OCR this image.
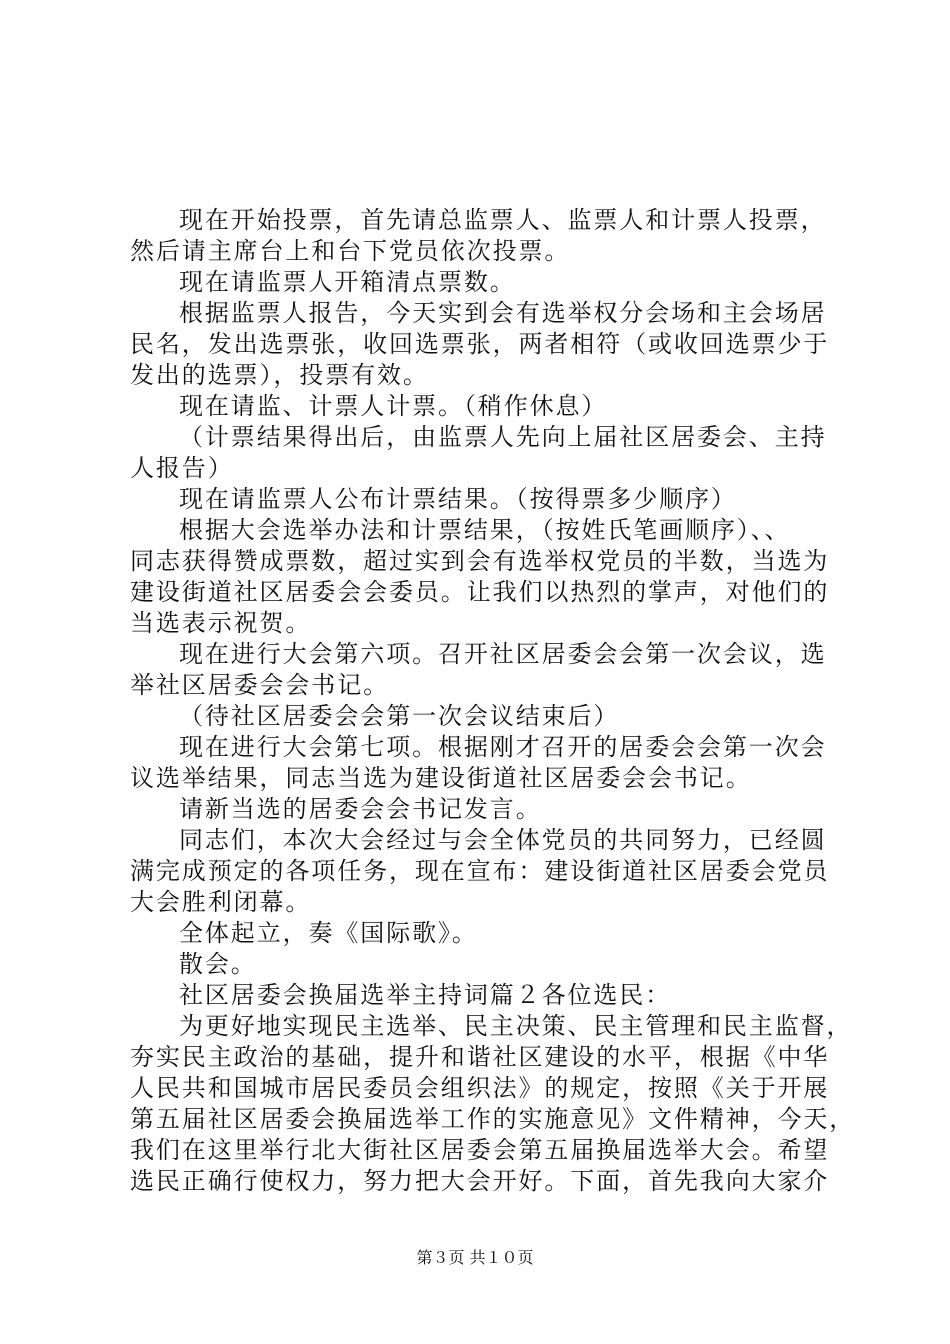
现在开始投票，首先请总监票人、监票人和计票人投票，
然后请主席台上和台下党员依次投票。

现在请监票人开箱清点票数。

根据监票人报告，今天实到会有选举权分会场和主会场居
民名，发出选票张，收回选票张，两者相符（或收回选票少于
发出的选票），投票有效。

现在请监、计票人计票。（稍作休息）

（计票结果得出后，由监票人先向上届社区居委会、主持
人报告）

现在请监票人公布计票结果。（按得票多少顺序）

根据大会选举办法和计票结果，（按姓氏笔画顺序）、、
同志获得赞成票数，超过实到会有选举权党员的半数，当选为
建设街道社区居委会会委员。让我们以热烈的掌声，对他们的
当选表示祝贺。

现在进行大会第六项。召开社区居委会会第一次会议，选
举社区居委会会书记。

（待社区居委会会第一次会议结束后）

现在进行大会第七项。根据刚才召开的居委会会第一次会
议选举结果，同志当选为建设街道社区居委会会书记。

请新当选的居委会会书记发言。

同志们，本次大会经过与会全体党员的共同努力，已经圆
满完成预定的各项任务，现在宣布：建设街道社区居委会党员
大会胜利闭幕。

全体起立，奏《国际歌》。

散会。

社区居委会换届选举主持词篇２各位选民：

为更好地实现民主选举、民主决策、民主管理和民主监督，
夯实民主政治的基础，提升和谐社区建设的水平，根据《中华
人民共和国城市居民委员会组织法》的规定，按照《关于开展
第五届社区居委会换届选举工作的实施意见》文件精神，今天，
我们在这里举行北大街社区居委会第五届换届选举大会。希望
选民正确行使权力，努力把大会开好。下面，首先我向大家介

第３页 共１０页
